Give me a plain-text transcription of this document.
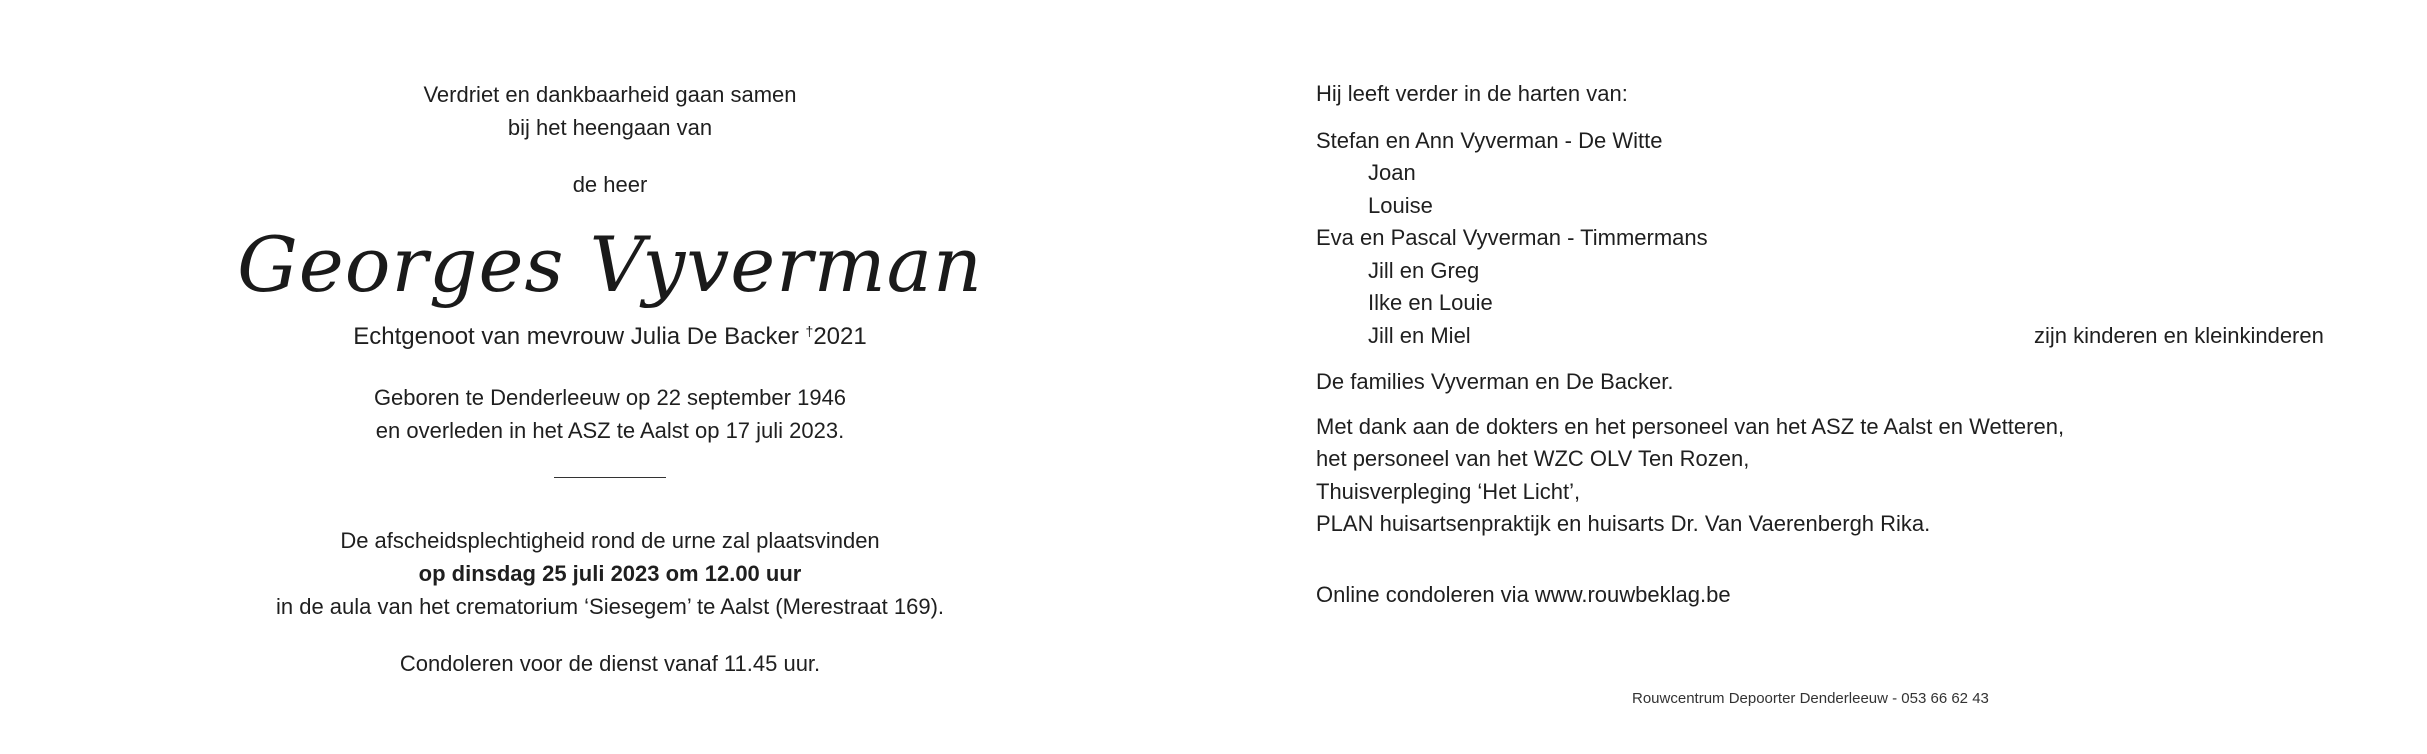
Verdriet en dankbaarheid gaan samen

bij het heengaan van

de heer

Georges Vyverman

Echtgenoot van mevrouw Julia De Backer †2021

Geboren te Denderleeuw op 22 september 1946

en overleden in het ASZ te Aalst op 17 juli 2023.

De afscheidsplechtigheid rond de urne zal plaatsvinden

op dinsdag 25 juli 2023 om 12.00 uur

in de aula van het crematorium ‘Siesegem’ te Aalst (Merestraat 169).

Condoleren voor de dienst vanaf 11.45 uur.

Hij leeft verder in de harten van:

Stefan en Ann Vyverman - De Witte

Joan

Louise

Eva en Pascal Vyverman - Timmermans

Jill en Greg

Ilke en Louie

Jill en Miel	zijn kinderen en kleinkinderen

De families Vyverman en De Backer.

Met dank aan de dokters en het personeel van het ASZ te Aalst en Wetteren,

het personeel van het WZC OLV Ten Rozen,

Thuisverpleging ‘Het Licht’,

PLAN huisartsenpraktijk en huisarts Dr. Van Vaerenbergh Rika.

Online condoleren via www.rouwbeklag.be

Rouwcentrum Depoorter Denderleeuw - 053 66 62 43
